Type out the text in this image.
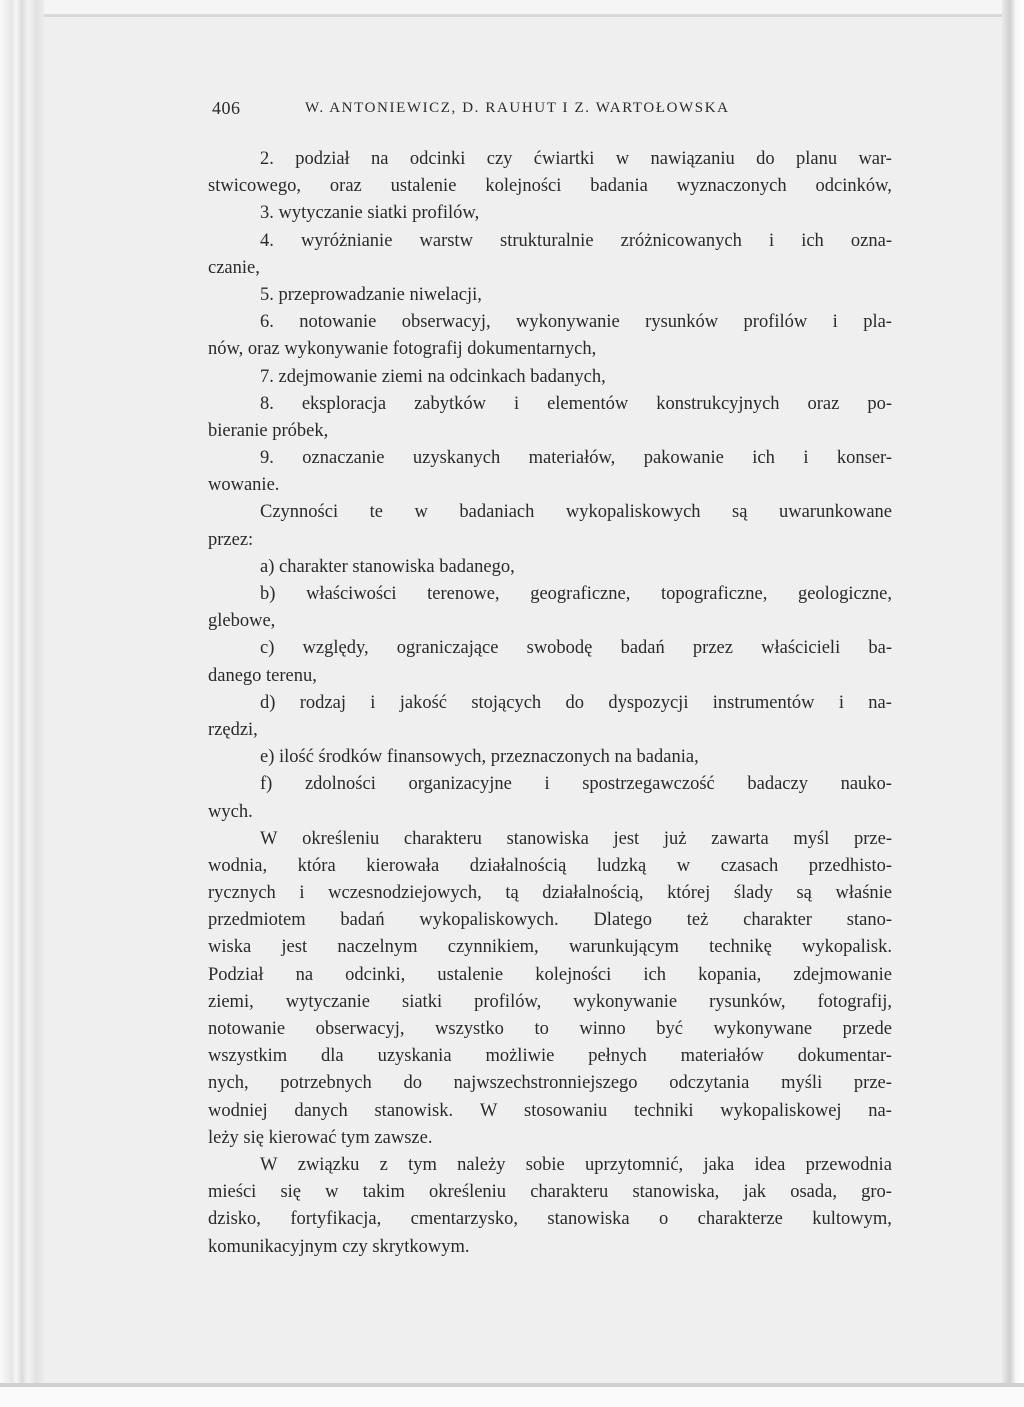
406	W. ANTONIEWICZ, D. RAUHUT I Z. WARTOŁOWSKA
2. podział na odcinki czy ćwiartki w nawiązaniu do planu war-
stwicowego, oraz ustalenie kolejności badania wyznaczonych odcinków,
3. wytyczanie siatki profilów,
4. wyróżnianie warstw strukturalnie zróżnicowanych i ich ozna-
czanie,
5. przeprowadzanie niwelacji,
6. notowanie obserwacyj, wykonywanie rysunków profilów i pla-
nów, oraz wykonywanie fotografij dokumentarnych,
7. zdejmowanie ziemi na odcinkach badanych,
8. eksploracja zabytków i elementów konstrukcyjnych oraz po-
bieranie próbek,
9. oznaczanie uzyskanych materiałów, pakowanie ich i konser-
wowanie.
Czynności te w badaniach wykopaliskowych są uwarunkowane
przez:
a) charakter stanowiska badanego,
b) właściwości terenowe, geograficzne, topograficzne, geologiczne,
glebowe,
c) względy, ograniczające swobodę badań przez właścicieli ba-
danego terenu,
d) rodzaj i jakość stojących do dyspozycji instrumentów i na-
rzędzi,
e) ilość środków finansowych, przeznaczonych na badania,
f) zdolności organizacyjne i spostrzegawczość badaczy nauko-
wych.
W określeniu charakteru stanowiska jest już zawarta myśl prze-
wodnia, która kierowała działalnością ludzką w czasach przedhisto-
rycznych i wczesnodziejowych, tą działalnością, której ślady są właśnie
przedmiotem badań wykopaliskowych. Dlatego też charakter stano-
wiska jest naczelnym czynnikiem, warunkującym technikę wykopalisk.
Podział na odcinki, ustalenie kolejności ich kopania, zdejmowanie
ziemi, wytyczanie siatki profilów, wykonywanie rysunków, fotografij,
notowanie obserwacyj, wszystko to winno być wykonywane przede
wszystkim dla uzyskania możliwie pełnych materiałów dokumentar-
nych, potrzebnych do najwszechstronniejszego odczytania myśli prze-
wodniej danych stanowisk. W stosowaniu techniki wykopaliskowej na-
leży się kierować tym zawsze.
W związku z tym należy sobie uprzytomnić, jaka idea przewodnia
mieści się w takim określeniu charakteru stanowiska, jak osada, gro-
dzisko, fortyfikacja, cmentarzysko, stanowiska o charakterze kultowym,
komunikacyjnym czy skrytkowym.
